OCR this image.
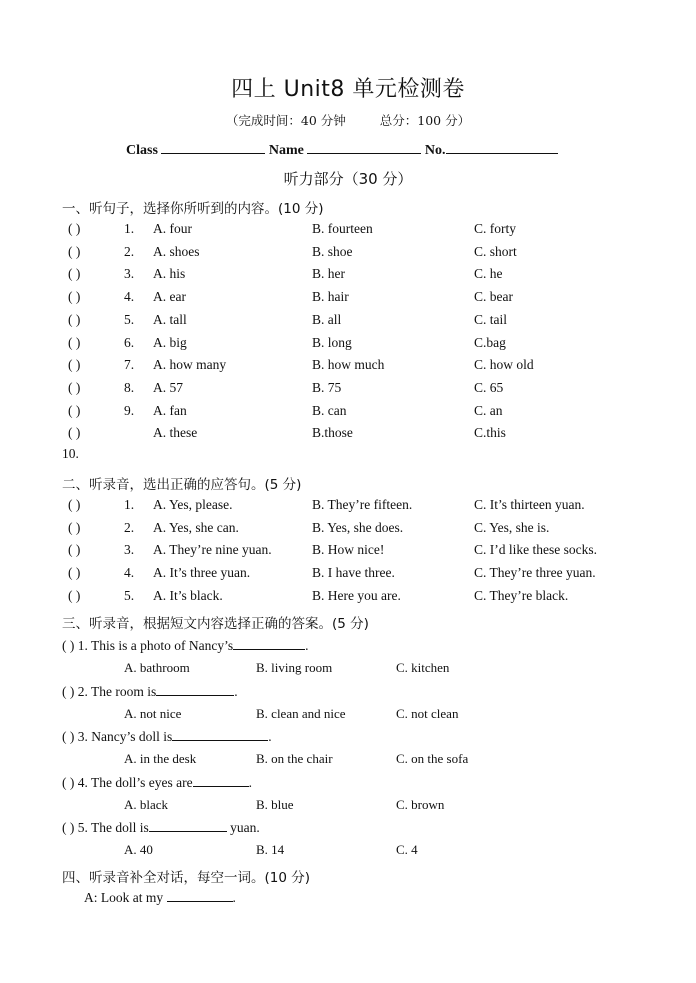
四上 Unit8 单元检测卷
（完成时间：40 分钟	总分：100 分）
Class	Name	No.
听力部分（30 分）
一、听句子，选择你所听到的内容。(10 分)
( )	1. A. four	B. fourteen	C. forty
( )	2. A. shoes	B. shoe	C. short
( )	3. A. his	B. her	C. he
( )	4. A. ear	B. hair	C. bear
( )	5. A. tall	B. all	C. tail
( )	6. A. big	B. long	C.bag
( )	7. A. how many	B. how much	C. how old
( )	8. A. 57	B. 75	C. 65
( )	9. A. fan	B. can	C. an
( )	A. these	B.those	C.this
10.
二、听录音，选出正确的应答句。(5 分)
( )	1. A. Yes, please.	B. They’re fifteen.	C. It’s thirteen yuan.
( )	2. A. Yes, she can.	B. Yes, she does.	C. Yes, she is.
( )	3. A. They’re nine yuan.	B. How nice!	C. I’d like these socks.
( )	4. A. It’s three yuan.	B. I have three.	C. They’re three yuan.
( )	5. A. It’s black.	B. Here you are.	C. They’re black.
三、听录音，根据短文内容选择正确的答案。(5 分)
( ) 1. This is a photo of Nancy’s	.
A. bathroom	B. living room	C. kitchen
( ) 2. The room is	.
A. not nice	B. clean and nice	C. not clean
( ) 3. Nancy’s doll is	.
A. in the desk	B. on the chair	C. on the sofa
( ) 4. The doll’s eyes are	.
A. black	B. blue	C. brown
( ) 5. The doll is	yuan.
A. 40	B. 14	C. 4
四、听录音补全对话，每空一词。(10 分)
A: Look at my	.
